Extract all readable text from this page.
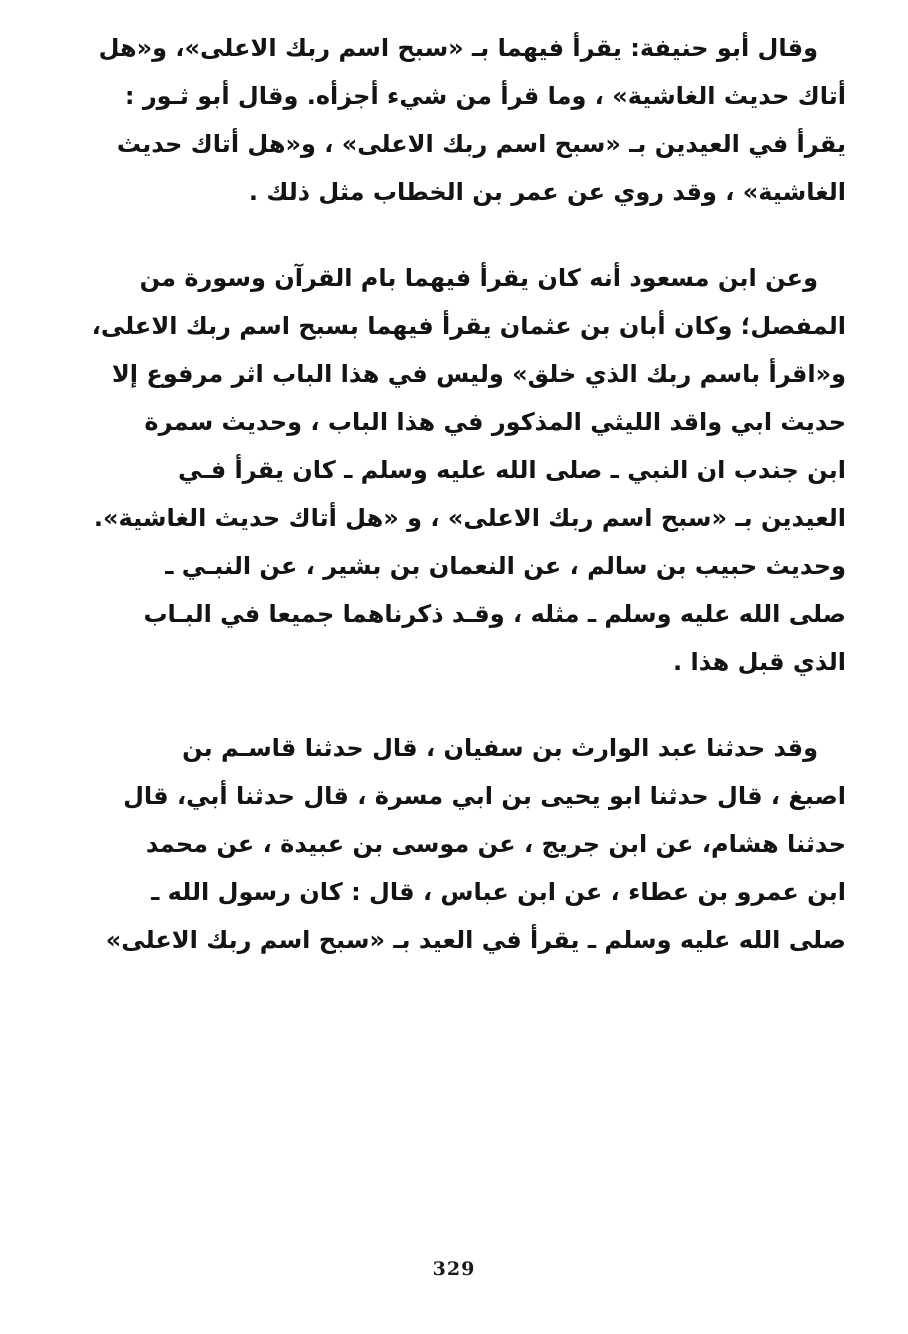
وقال أبو حنيفة: يقرأ فيهما بـ «سبح اسم ربك الاعلى»، و«هل
أتاك حديث الغاشية» ، وما قرأ من شيء أجزأه. وقال أبو ثـور :
يقرأ في العيدين بـ «سبح اسم ربك الاعلى» ، و«هل أتاك حديث
الغاشية» ، وقد روي عن عمر بن الخطاب مثل ذلك .

وعن ابن مسعود أنه كان يقرأ فيهما بام القرآن وسورة من
المفصل؛ وكان أبان بن عثمان يقرأ فيهما بسبح اسم ربك الاعلى،
و«اقرأ باسم ربك الذي خلق» وليس في هذا الباب اثر مرفوع إلا
حديث ابي واقد الليثي المذكور في هذا الباب ، وحديث سمرة
ابن جندب ان النبي ـ صلى الله عليه وسلم ـ كان يقرأ فـي
العيدين بـ «سبح اسم ربك الاعلى» ، و «هل أتاك حديث الغاشية».
وحديث حبيب بن سالم ، عن النعمان بن بشير ، عن النبـي ـ
صلى الله عليه وسلم ـ مثله ، وقـد ذكرناهما جميعا في البـاب
الذي قبل هذا .

وقد حدثنا عبد الوارث بن سفيان ، قال حدثنا قاسـم بن
اصبغ ، قال حدثنا ابو يحيى بن ابي مسرة ، قال حدثنا أبي، قال
حدثنا هشام، عن ابن جريج ، عن موسى بن عبيدة ، عن محمد
ابن عمرو بن عطاء ، عن ابن عباس ، قال : كان رسول الله ـ
صلى الله عليه وسلم ـ يقرأ في العيد بـ «سبح اسم ربك الاعلى»

329
